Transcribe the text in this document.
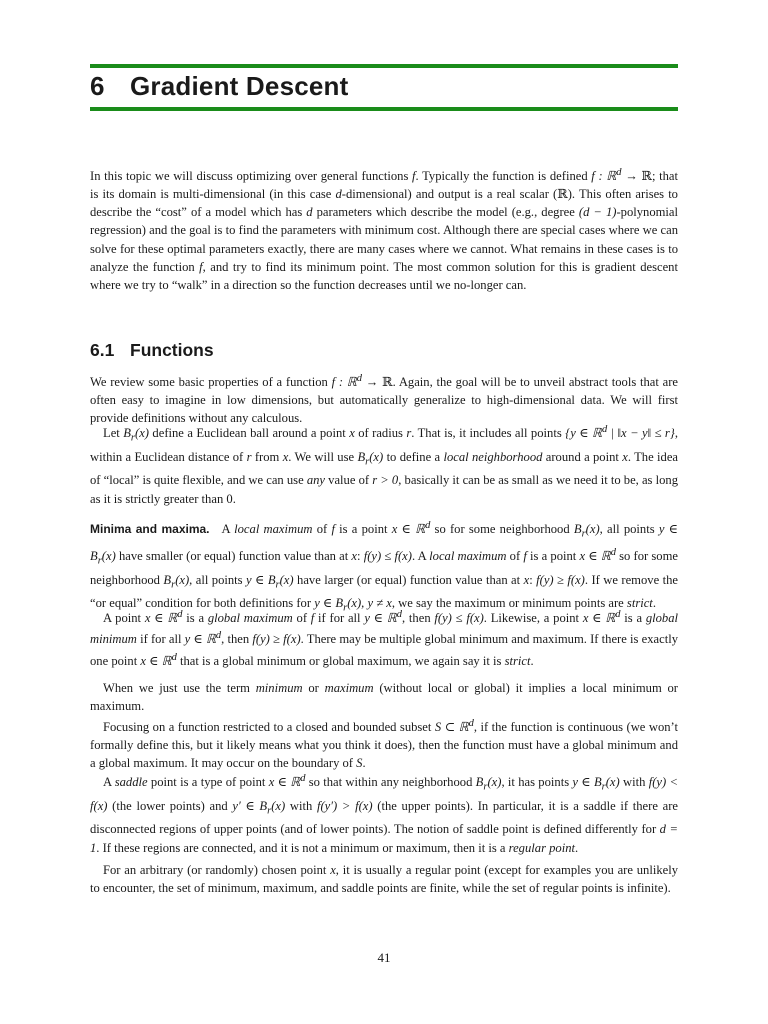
6 Gradient Descent

In this topic we will discuss optimizing over general functions f. Typically the function is defined f : ℝ$^d$ → ℝ; that is its domain is multi-dimensional (in this case d-dimensional) and output is a real scalar (ℝ). This often arises to describe the “cost” of a model which has d parameters which describe the model (e.g., degree (d − 1)-polynomial regression) and the goal is to find the parameters with minimum cost. Although there are special cases where we can solve for these optimal parameters exactly, there are many cases where we cannot. What remains in these cases is to analyze the function f, and try to find its minimum point. The most common solution for this is gradient descent where we try to “walk” in a direction so the function decreases until we no-longer can.

6.1 Functions

We review some basic properties of a function f : ℝ$^d$ → ℝ. Again, the goal will be to unveil abstract tools that are often easy to imagine in low dimensions, but automatically generalize to high-dimensional data. We will first provide definitions without any calculous.

Let $B_r(x)$ define a Euclidean ball around a point x of radius r. That is, it includes all points {y ∈ ℝ$^d$ | ‖x − y‖ ≤ r}, within a Euclidean distance of r from x. We will use $B_r(x)$ to define a local neighborhood around a point x. The idea of “local” is quite flexible, and we can use any value of r > 0, basically it can be as small as we need it to be, as long as it is strictly greater than 0.

Minima and maxima. A local maximum of f is a point x ∈ ℝ$^d$ so for some neighborhood $B_r(x)$, all points y ∈ $B_r(x)$ have smaller (or equal) function value than at x: f(y) ≤ f(x). A local maximum of f is a point x ∈ ℝ$^d$ so for some neighborhood $B_r(x)$, all points y ∈ $B_r(x)$ have larger (or equal) function value than at x: f(y) ≥ f(x). If we remove the “or equal” condition for both definitions for y ∈ $B_r(x)$, y ≠ x, we say the maximum or minimum points are strict.

A point x ∈ ℝ$^d$ is a global maximum of f if for all y ∈ ℝ$^d$, then f(y) ≤ f(x). Likewise, a point x ∈ ℝ$^d$ is a global minimum if for all y ∈ ℝ$^d$, then f(y) ≥ f(x). There may be multiple global minimum and maximum. If there is exactly one point x ∈ ℝ$^d$ that is a global minimum or global maximum, we again say it is strict.

When we just use the term minimum or maximum (without local or global) it implies a local minimum or maximum.

Focusing on a function restricted to a closed and bounded subset S ⊂ ℝ$^d$, if the function is continuous (we won’t formally define this, but it likely means what you think it does), then the function must have a global minimum and a global maximum. It may occur on the boundary of S.

A saddle point is a type of point x ∈ ℝ$^d$ so that within any neighborhood $B_r(x)$, it has points y ∈ $B_r(x)$ with f(y) < f(x) (the lower points) and y′ ∈ $B_r(x)$ with f(y′) > f(x) (the upper points). In particular, it is a saddle if there are disconnected regions of upper points (and of lower points). The notion of saddle point is defined differently for d = 1. If these regions are connected, and it is not a minimum or maximum, then it is a regular point.

For an arbitrary (or randomly) chosen point x, it is usually a regular point (except for examples you are unlikely to encounter, the set of minimum, maximum, and saddle points are finite, while the set of regular points is infinite).

41
